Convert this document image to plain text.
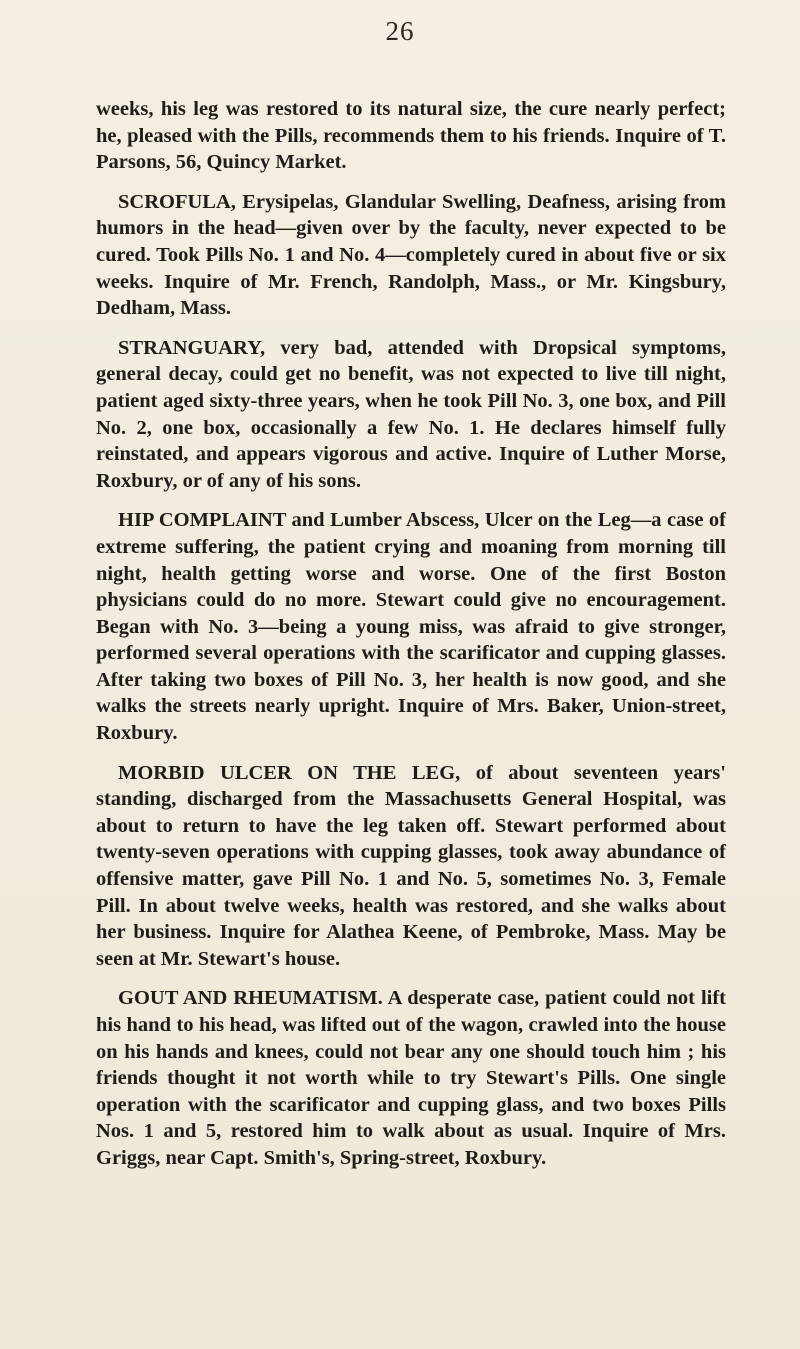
26

weeks, his leg was restored to its natural size, the cure nearly perfect; he, pleased with the Pills, recommends them to his friends. Inquire of T. Parsons, 56, Quincy Market.

SCROFULA, Erysipelas, Glandular Swelling, Deafness, arising from humors in the head—given over by the faculty, never expected to be cured. Took Pills No. 1 and No. 4—completely cured in about five or six weeks. Inquire of Mr. French, Randolph, Mass., or Mr. Kingsbury, Dedham, Mass.

STRANGUARY, very bad, attended with Dropsical symptoms, general decay, could get no benefit, was not expected to live till night, patient aged sixty-three years, when he took Pill No. 3, one box, and Pill No. 2, one box, occasionally a few No. 1. He declares himself fully reinstated, and appears vigorous and active. Inquire of Luther Morse, Roxbury, or of any of his sons.

HIP COMPLAINT and Lumber Abscess, Ulcer on the Leg—a case of extreme suffering, the patient crying and moaning from morning till night, health getting worse and worse. One of the first Boston physicians could do no more. Stewart could give no encouragement. Began with No. 3—being a young miss, was afraid to give stronger, performed several operations with the scarificator and cupping glasses. After taking two boxes of Pill No. 3, her health is now good, and she walks the streets nearly upright. Inquire of Mrs. Baker, Union-street, Roxbury.

MORBID ULCER ON THE LEG, of about seventeen years' standing, discharged from the Massachusetts General Hospital, was about to return to have the leg taken off. Stewart performed about twenty-seven operations with cupping glasses, took away abundance of offensive matter, gave Pill No. 1 and No. 5, sometimes No. 3, Female Pill. In about twelve weeks, health was restored, and she walks about her business. Inquire for Alathea Keene, of Pembroke, Mass. May be seen at Mr. Stewart's house.

GOUT AND RHEUMATISM. A desperate case, patient could not lift his hand to his head, was lifted out of the wagon, crawled into the house on his hands and knees, could not bear any one should touch him ; his friends thought it not worth while to try Stewart's Pills. One single operation with the scarificator and cupping glass, and two boxes Pills Nos. 1 and 5, restored him to walk about as usual. Inquire of Mrs. Griggs, near Capt. Smith's, Spring-street, Roxbury.
